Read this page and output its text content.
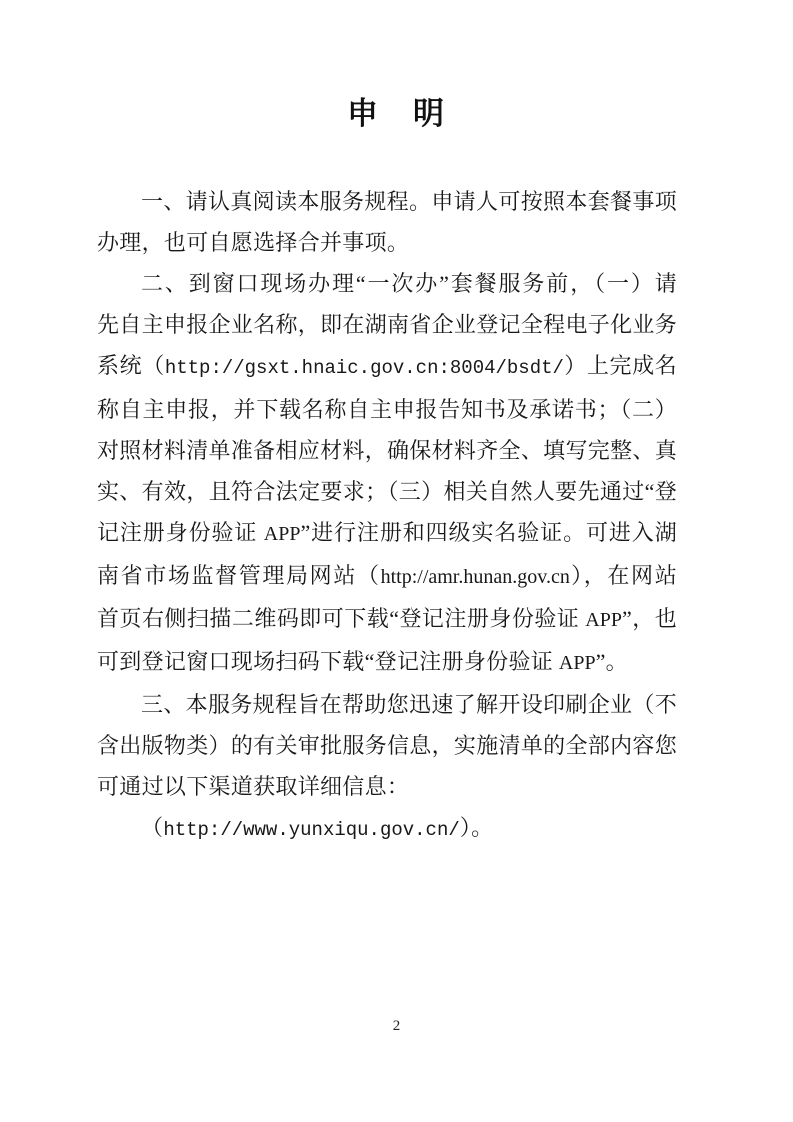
申　明
一、请认真阅读本服务规程。申请人可按照本套餐事项
办理，也可自愿选择合并事项。
二、到窗口现场办理“一次办”套餐服务前，（一）请
先自主申报企业名称，即在湖南省企业登记全程电子化业务
系统（http://gsxt.hnaic.gov.cn:8004/bsdt/）上完成名
称自主申报，并下载名称自主申报告知书及承诺书；（二）
对照材料清单准备相应材料，确保材料齐全、填写完整、真
实、有效，且符合法定要求；（三）相关自然人要先通过“登
记注册身份验证 APP”进行注册和四级实名验证。可进入湖
南省市场监督管理局网站（http://amr.hunan.gov.cn），在网站
首页右侧扫描二维码即可下载“登记注册身份验证 APP”，也
可到登记窗口现场扫码下载“登记注册身份验证 APP”。
三、本服务规程旨在帮助您迅速了解开设印刷企业（不
含出版物类）的有关审批服务信息，实施清单的全部内容您
可通过以下渠道获取详细信息：
（http://www.yunxiqu.gov.cn/）。
2
